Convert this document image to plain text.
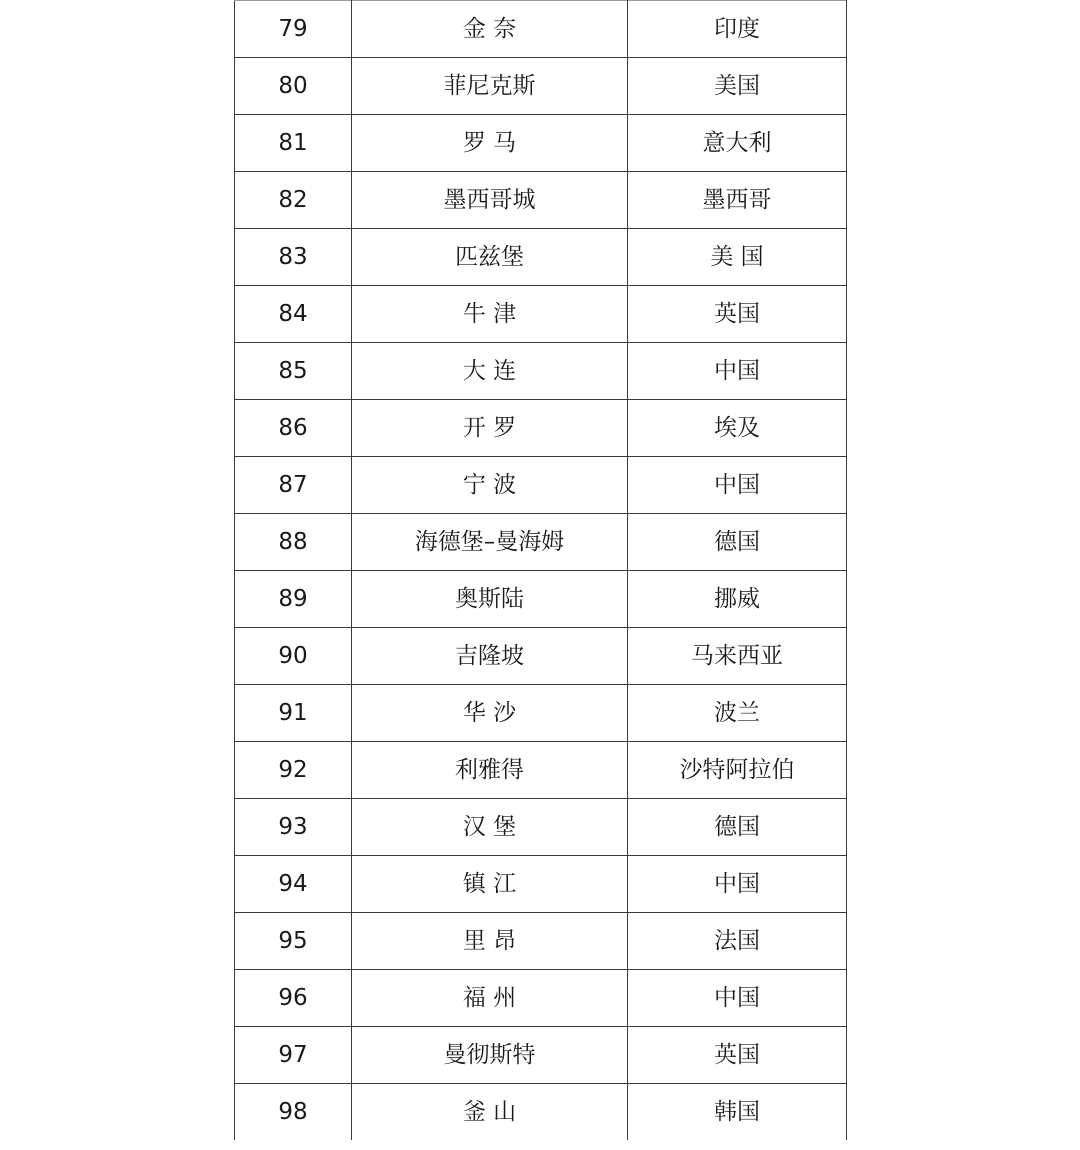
79	金 奈	印度
80	菲尼克斯	美国
81	罗 马	意大利
82	墨西哥城	墨西哥
83	匹兹堡	美 国
84	牛 津	英国
85	大 连	中国
86	开 罗	埃及
87	宁 波	中国
88	海德堡–曼海姆	德国
89	奥斯陆	挪威
90	吉隆坡	马来西亚
91	华 沙	波兰
92	利雅得	沙特阿拉伯
93	汉 堡	德国
94	镇 江	中国
95	里 昂	法国
96	福 州	中国
97	曼彻斯特	英国
98	釜 山	韩国
